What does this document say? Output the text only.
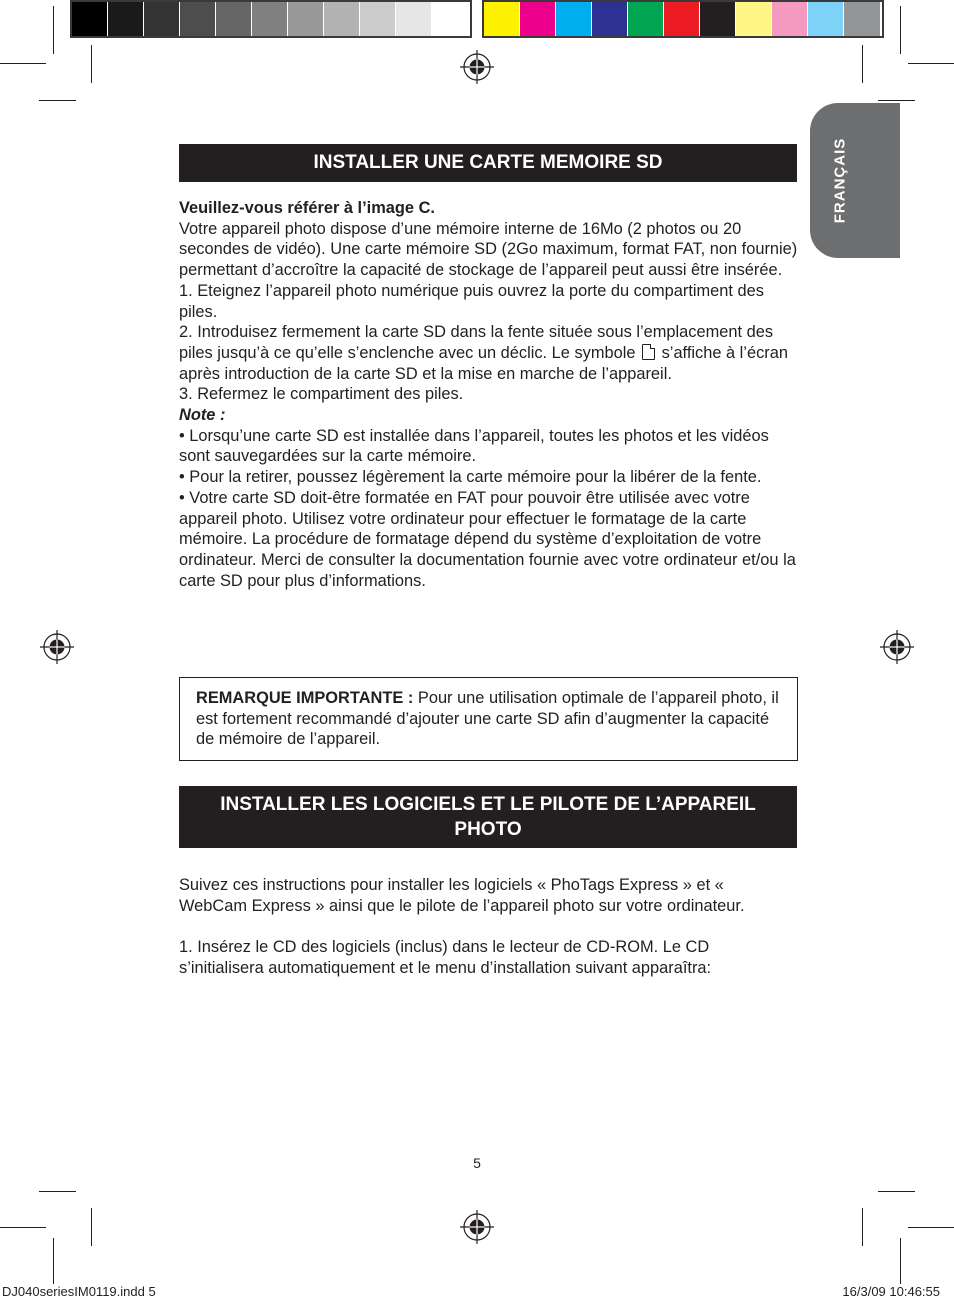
FRANÇAIS
INSTALLER UNE CARTE MEMOIRE SD

Veuillez-vous référer à l’image C.

Votre appareil photo dispose d’une mémoire interne de 16Mo (2 photos ou 20 secondes de vidéo). Une carte mémoire SD (2Go maximum, format FAT, non fournie) permettant d’accroître la capacité de stockage de l’appareil peut aussi être insérée.

1. Eteignez l’appareil photo numérique puis ouvrez la porte du compartiment des piles.

2. Introduisez fermement la carte SD dans la fente située sous l’emplacement des piles jusqu’à ce qu’elle s’enclenche avec un déclic. Le symbole s’affiche à l’écran après introduction de la carte SD et la mise en marche de l’appareil.

3. Refermez le compartiment des piles.

Note :

• Lorsqu’une carte SD est installée dans l’appareil, toutes les photos et les vidéos sont sauvegardées sur la carte mémoire.

• Pour la retirer, poussez légèrement la carte mémoire pour la libérer de la fente.

• Votre carte SD doit-être formatée en FAT pour pouvoir être utilisée avec votre appareil photo. Utilisez votre ordinateur pour effectuer le formatage de la carte mémoire. La procédure de formatage dépend du système d’exploitation de votre ordinateur. Merci de consulter la documentation fournie avec votre ordinateur et/ou la carte SD pour plus d’informations.

REMARQUE IMPORTANTE : Pour une utilisation optimale de l’appareil photo, il est fortement recommandé d’ajouter une carte SD afin d’augmenter la capacité de mémoire de l’appareil.
INSTALLER LES LOGICIELS ET LE PILOTE DE L’APPAREIL PHOTO

Suivez ces instructions pour installer les logiciels « PhoTags Express » et « WebCam Express » ainsi que le pilote de l’appareil photo sur votre ordinateur.

1. Insérez le CD des logiciels (inclus) dans le lecteur de CD-ROM. Le CD s’initialisera automatiquement et le menu d’installation suivant apparaîtra:

5
DJ040seriesIM0119.indd 5	16/3/09 10:46:55
